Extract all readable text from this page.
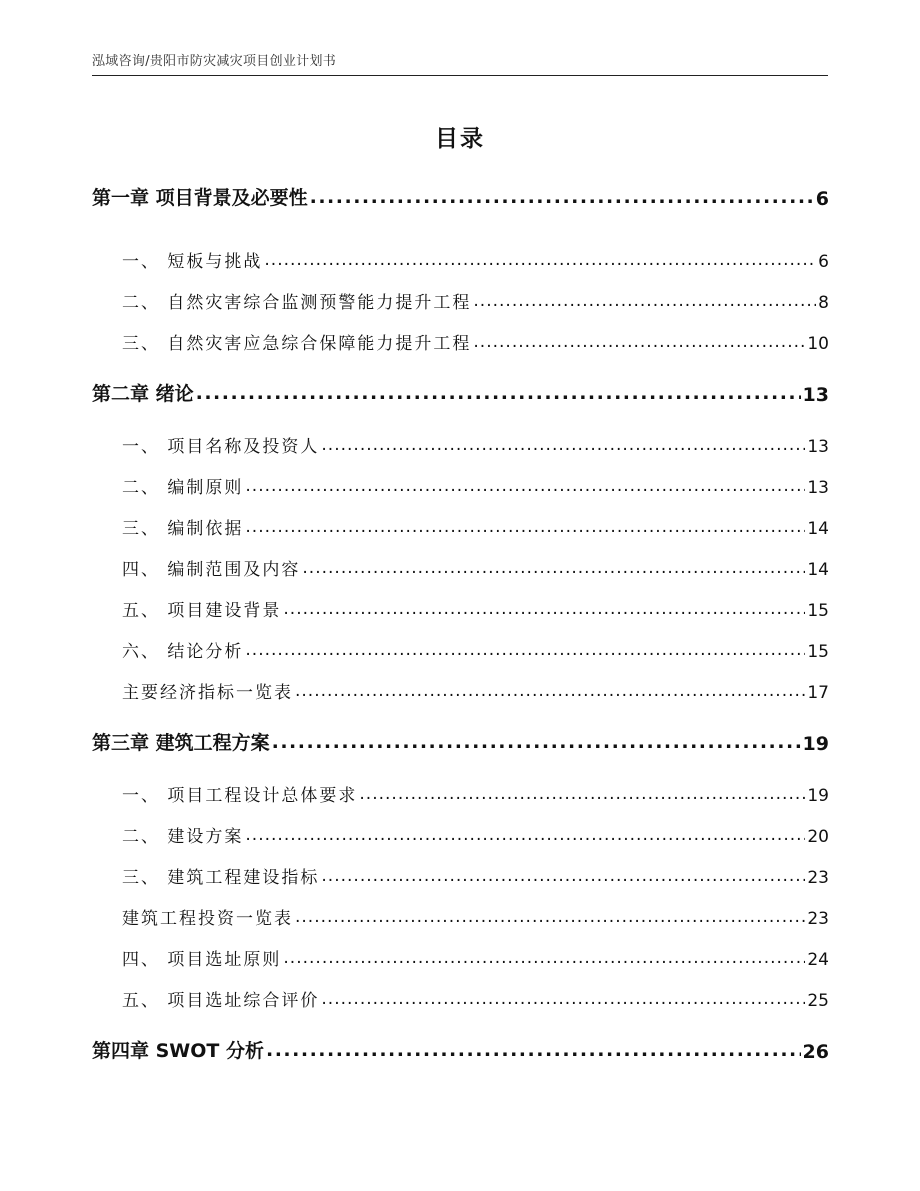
泓域咨询/贵阳市防灾减灾项目创业计划书
目录
第一章 项目背景及必要性 .....	6
一、 短板与挑战 .....	6
二、 自然灾害综合监测预警能力提升工程 .....	8
三、 自然灾害应急综合保障能力提升工程 .....	10
第二章 绪论 .....	13
一、 项目名称及投资人 .....	13
二、 编制原则 .....	13
三、 编制依据 .....	14
四、 编制范围及内容 .....	14
五、 项目建设背景 .....	15
六、 结论分析 .....	15
主要经济指标一览表 .....	17
第三章 建筑工程方案 .....	19
一、 项目工程设计总体要求 .....	19
二、 建设方案 .....	20
三、 建筑工程建设指标 .....	23
建筑工程投资一览表 .....	23
四、 项目选址原则 .....	24
五、 项目选址综合评价 .....	25
第四章 SWOT 分析 .....	26
